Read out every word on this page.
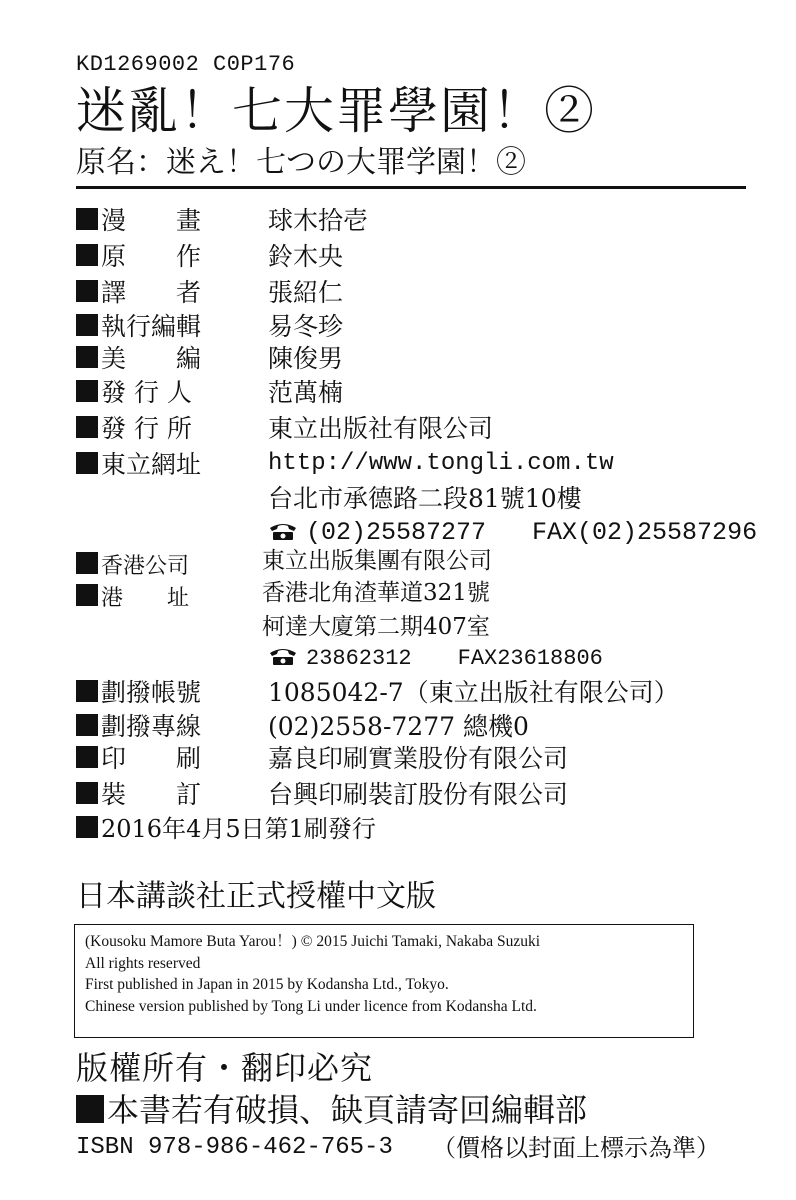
KD1269002 C0P176
迷亂！七大罪學園！②
原名：迷え！七つの大罪学園！②
漫　　畫	球木拾壱
原　　作	鈴木央
譯　　者	張紹仁
執行編輯	易冬珍
美　　編	陳俊男
發 行 人	范萬楠
發 行 所	東立出版社有限公司
東立網址	http://www.tongli.com.tw
台北市承德路二段81號10樓
(02)25587277 FAX(02)25587296
香港公司	東立出版集團有限公司
港　　址	香港北角渣華道321號
柯達大廈第二期407室
23862312 FAX23618806
劃撥帳號	1085042-7（東立出版社有限公司）
劃撥專線	(02)2558-7277 總機0
印　　刷	嘉良印刷實業股份有限公司
裝　　訂	台興印刷裝訂股份有限公司
2016年4月5日第1刷發行
日本講談社正式授權中文版
(Kousoku Mamore Buta Yarou！) © 2015 Juichi Tamaki, Nakaba Suzuki
All rights reserved
First published in Japan in 2015 by Kodansha Ltd., Tokyo.
Chinese version published by Tong Li under licence from Kodansha Ltd.
版權所有・翻印必究
本書若有破損、缺頁請寄回編輯部
ISBN 978-986-462-765-3 （價格以封面上標示為準）
